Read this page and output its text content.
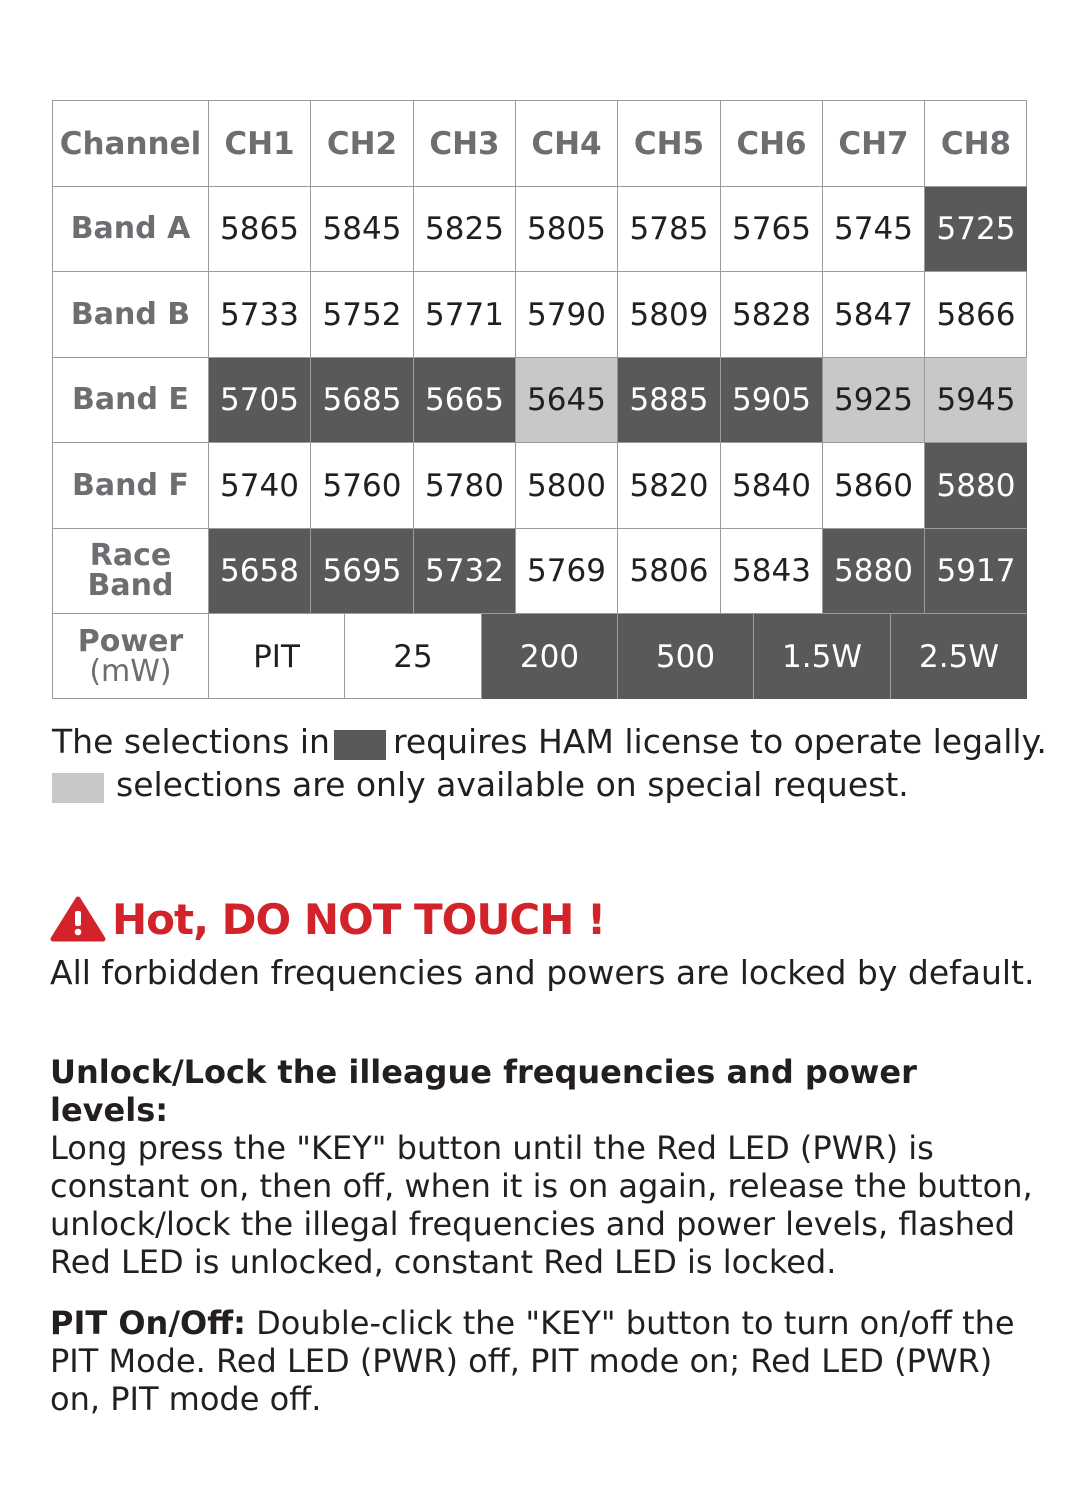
Channel CH1	CH2	CH3	CH4	CH5	CH6	CH7	CH8
Band A 5865 5845 5825 5805 5785 5765 5745 5725
Band B 5733 5752 5771 5790 5809 5828 5847 5866
Band E	5705 5685 5665 5645 5885 5905 5925 5945
Band F	5740 5760 5780 5800 5820 5840 5860 5880
Race
Band	5658 5695 5732 5769 5806 5843 5880 5917
Power
(mW)	PIT	25	200	500	1.5W	2.5W
The selections in requires HAM license to operate legally.
selections are only available on special request.
Hot, DO NOT TOUCH !
All forbidden frequencies and powers are locked by default.
Unlock/Lock the illeague frequencies and power levels:
Long press the "KEY" button until the Red LED (PWR) is constant on, then off, when it is on again, release the button, unlock/lock the illegal frequencies and power levels, flashed Red LED is unlocked, constant Red LED is locked.
PIT On/Off: Double-click the "KEY" button to turn on/off the PIT Mode. Red LED (PWR) off, PIT mode on; Red LED (PWR) on, PIT mode off.
